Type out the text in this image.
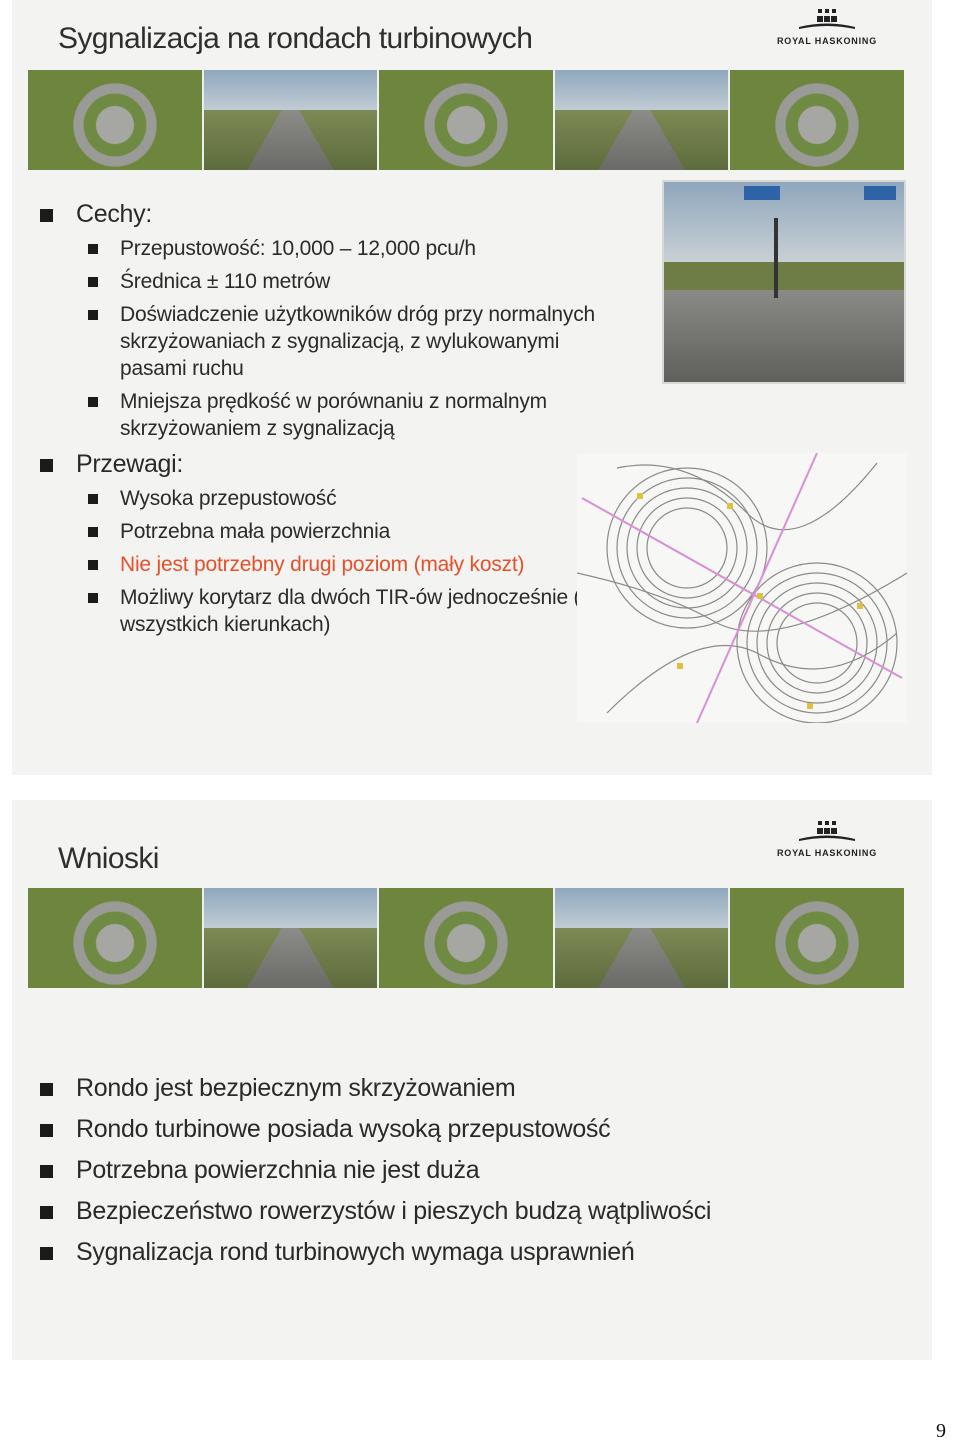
Sygnalizacja na rondach turbinowych	ROYAL HASKONING
Cechy:
Przepustowość: 10,000 – 12,000 pcu/h
Średnica ± 110 metrów
Doświadczenie użytkowników dróg przy normalnych skrzyżowaniach z sygnalizacją, z wylukowanymi pasami ruchu
Mniejsza prędkość w porównaniu z normalnym skrzyżowaniem z sygnalizacją
Przewagi:
Wysoka przepustowość
Potrzebna mała powierzchnia
Nie jest potrzebny drugi poziom (mały koszt)
Możliwy korytarz dla dwóch TIR-ów jednocześnie (we wszystkich kierunkach)
Wnioski	ROYAL HASKONING
Rondo jest bezpiecznym skrzyżowaniem
Rondo turbinowe posiada wysoką przepustowość
Potrzebna powierzchnia nie jest duża
Bezpieczeństwo rowerzystów i pieszych budzą wątpliwości
Sygnalizacja rond turbinowych wymaga usprawnień
9
